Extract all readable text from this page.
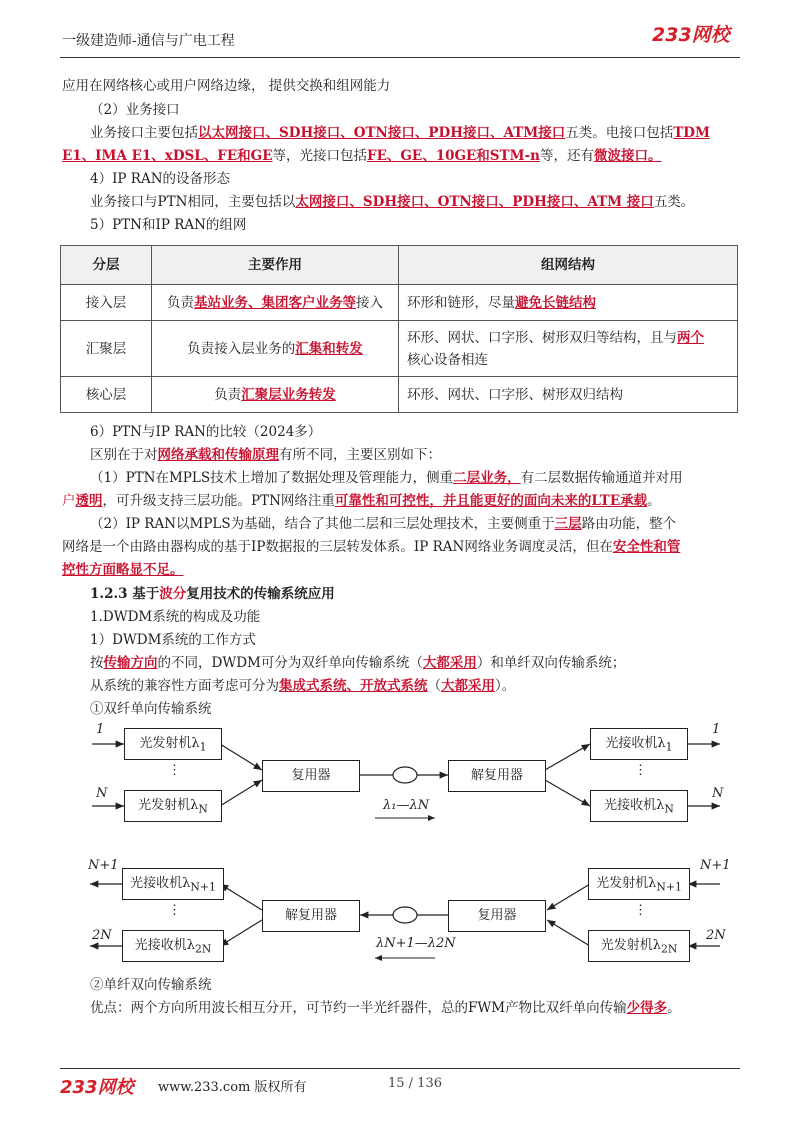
一级建造师-通信与广电工程	233网校
应用在网络核心或用户网络边缘， 提供交换和组网能力
（2）业务接口
业务接口主要包括以太网接口、SDH接口、OTN接口、PDH接口、ATM接口五类。电接口包括TDM
E1、IMA E1、xDSL、FE和GE等，光接口包括FE、GE、10GE和STM-n等，还有微波接口。
4）IP RAN的设备形态
业务接口与PTN相同，主要包括以太网接口、SDH接口、OTN接口、PDH接口、ATM 接口五类。
5）PTN和IP RAN的组网
分层	主要作用	组网结构
接入层	负责基站业务、集团客户业务等接入	环形和链形，尽量避免长链结构
汇聚层	负责接入层业务的汇集和转发	环形、网状、口字形、树形双归等结构，且与两个
核心设备相连
核心层	负责汇聚层业务转发	环形、网状、口字形、树形双归结构
6）PTN与IP RAN的比较（2024多）
区别在于对网络承载和传输原理有所不同，主要区别如下：
（1）PTN在MPLS技术上增加了数据处理及管理能力，侧重二层业务，有二层数据传输通道并对用
户透明，可升级支持三层功能。PTN网络注重可靠性和可控性，并且能更好的面向未来的LTE承载。
（2）IP RAN以MPLS为基础，结合了其他二层和三层处理技术，主要侧重于三层路由功能，整个
网络是一个由路由器构成的基于IP数据报的三层转发体系。IP RAN网络业务调度灵活，但在安全性和管
控性方面略显不足。
1.2.3 基于波分复用技术的传输系统应用
1.DWDM系统的构成及功能
1）DWDM系统的工作方式
按传输方向的不同，DWDM可分为双纤单向传输系统（大都采用）和单纤双向传输系统；
从系统的兼容性方面考虑可分为集成式系统、开放式系统（大都采用）。
①双纤单向传输系统
光发射机$\lambda_1$
光发射机$\lambda_N$
复用器	解复用器
光接收机$\lambda_1$
光接收机$\lambda_N$
1
N
1
N
⋮	⋮
λ₁—λN
光接收机$\lambda_{N+1}$
光接收机$\lambda_{2N}$
解复用器	复用器
光发射机$\lambda_{N+1}$
光发射机$\lambda_{2N}$
N+1
2N
N+1
2N
⋮	⋮
λN+1—λ2N
②单纤双向传输系统
优点：两个方向所用波长相互分开，可节约一半光纤器件，总的FWM产物比双纤单向传输少得多。
233网校 www.233.com 版权所有	15 / 136
